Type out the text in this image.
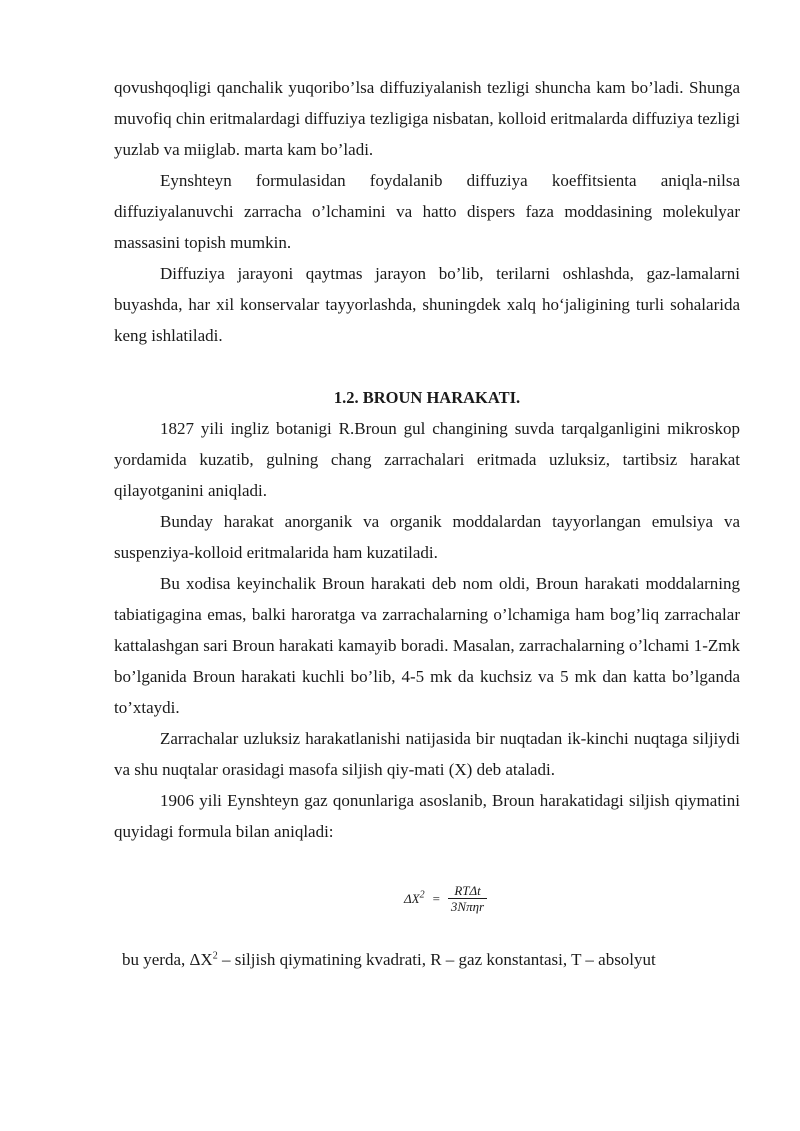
qovushqoqligi qanchalik yuqoribo’lsa diffuziyalanish tezligi shuncha kam bo’ladi. Shunga muvofiq chin eritmalardagi diffuziya tezligiga nisbatan, kolloid eritmalarda diffuziya tezligi yuzlab va miiglab. marta kam bo’ladi.

Eynshteyn formulasidan foydalanib diffuziya koeffitsienta aniqla-nilsa diffuziyalanuvchi zarracha o’lchamini va hatto dispers faza moddasining molekulyar massasini topish mumkin.

Diffuziya jarayoni qaytmas jarayon bo’lib, terilarni oshlashda, gaz-lamalarni buyashda, har xil konservalar tayyorlashda, shuningdek xalq ho‘jaligining turli sohalarida keng ishlatiladi.

1.2. BROUN HARAKATI.

1827 yili ingliz botanigi R.Broun gul changining suvda tarqalganligini mikroskop yordamida kuzatib, gulning chang zarrachalari eritmada uzluksiz, tartibsiz harakat qilayotganini aniqladi.

Bunday harakat anorganik va organik moddalardan tayyorlangan emulsiya va suspenziya-kolloid eritmalarida ham kuzatiladi.

Bu xodisa keyinchalik Broun harakati deb nom oldi, Broun harakati moddalarning tabiatigagina emas, balki haroratga va zarrachalarning o’lchamiga ham bog’liq zarrachalar kattalashgan sari Broun harakati kamayib boradi. Masalan, zarrachalarning o’lchami 1-Zmk bo’lganida Broun harakati kuchli bo’lib, 4-5 mk da kuchsiz va 5 mk dan katta bo’lganda to’xtaydi.

Zarrachalar uzluksiz harakatlanishi natijasida bir nuqtadan ik-kinchi nuqtaga siljiydi va shu nuqtalar orasidagi masofa siljish qiy-mati (X) deb ataladi.

1906 yili Eynshteyn gaz qonunlariga asoslanib, Broun harakatidagi siljish qiymatini quyidagi formula bilan aniqladi:

$\Delta X^2 = \frac{\text{RTΔt}}{\text{3Nπηr}}$

bu yerda, $\Delta X^2$ – siljish qiymatining kvadrati, R – gaz konstantasi, T – absolyut
